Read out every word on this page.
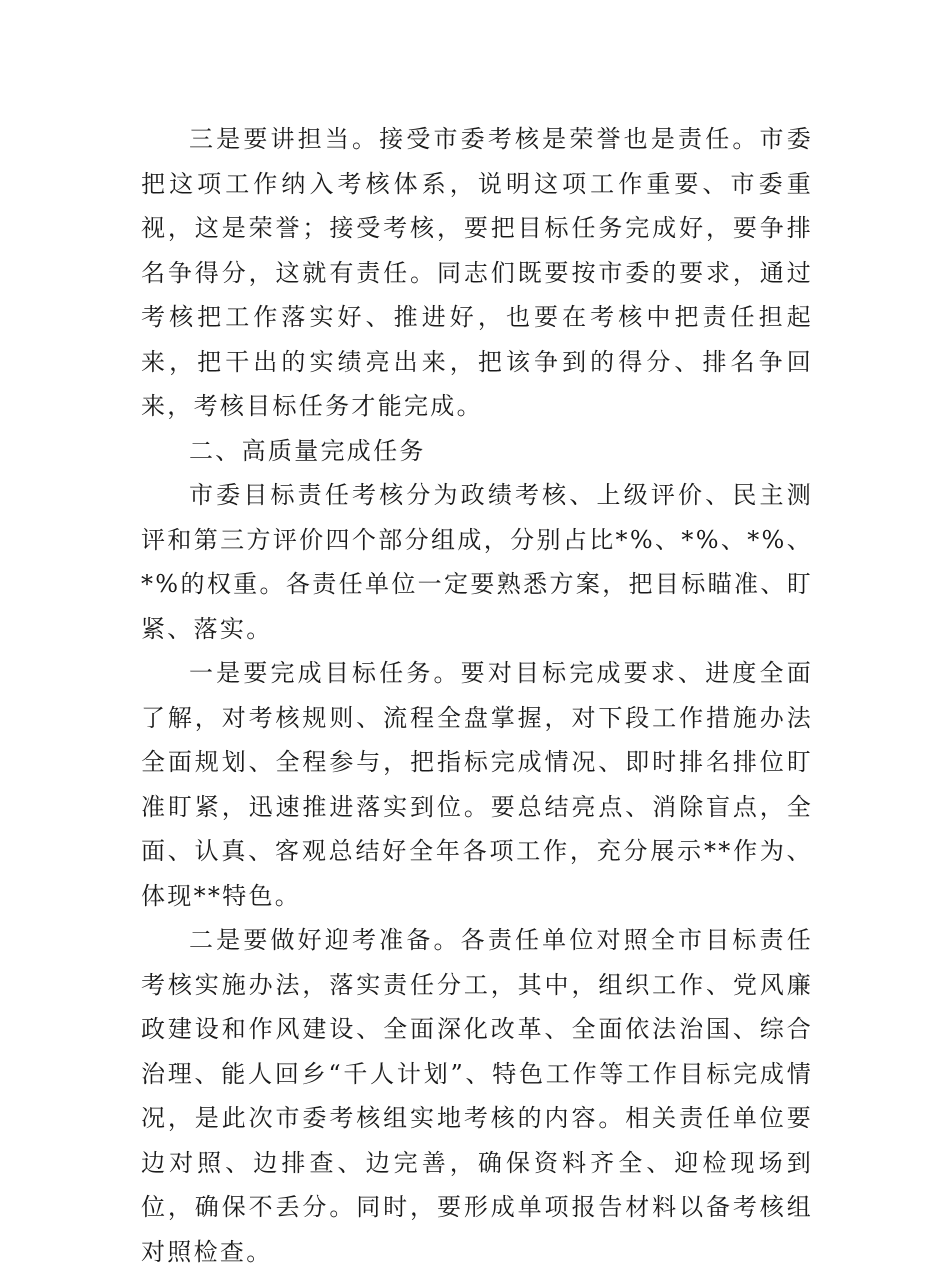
三是要讲担当。接受市委考核是荣誉也是责任。市委把这项工作纳入考核体系，说明这项工作重要、市委重视，这是荣誉；接受考核，要把目标任务完成好，要争排名争得分，这就有责任。同志们既要按市委的要求，通过考核把工作落实好、推进好，也要在考核中把责任担起来，把干出的实绩亮出来，把该争到的得分、排名争回来，考核目标任务才能完成。

二、高质量完成任务

市委目标责任考核分为政绩考核、上级评价、民主测评和第三方评价四个部分组成，分别占比*%、*%、*%、*%的权重。各责任单位一定要熟悉方案，把目标瞄准、盯紧、落实。

一是要完成目标任务。要对目标完成要求、进度全面了解，对考核规则、流程全盘掌握，对下段工作措施办法全面规划、全程参与，把指标完成情况、即时排名排位盯准盯紧，迅速推进落实到位。要总结亮点、消除盲点，全面、认真、客观总结好全年各项工作，充分展示**作为、体现**特色。

二是要做好迎考准备。各责任单位对照全市目标责任考核实施办法，落实责任分工，其中，组织工作、党风廉政建设和作风建设、全面深化改革、全面依法治国、综合治理、能人回乡“千人计划”、特色工作等工作目标完成情况，是此次市委考核组实地考核的内容。相关责任单位要边对照、边排查、边完善，确保资料齐全、迎检现场到位，确保不丢分。同时，要形成单项报告材料以备考核组对照检查。
